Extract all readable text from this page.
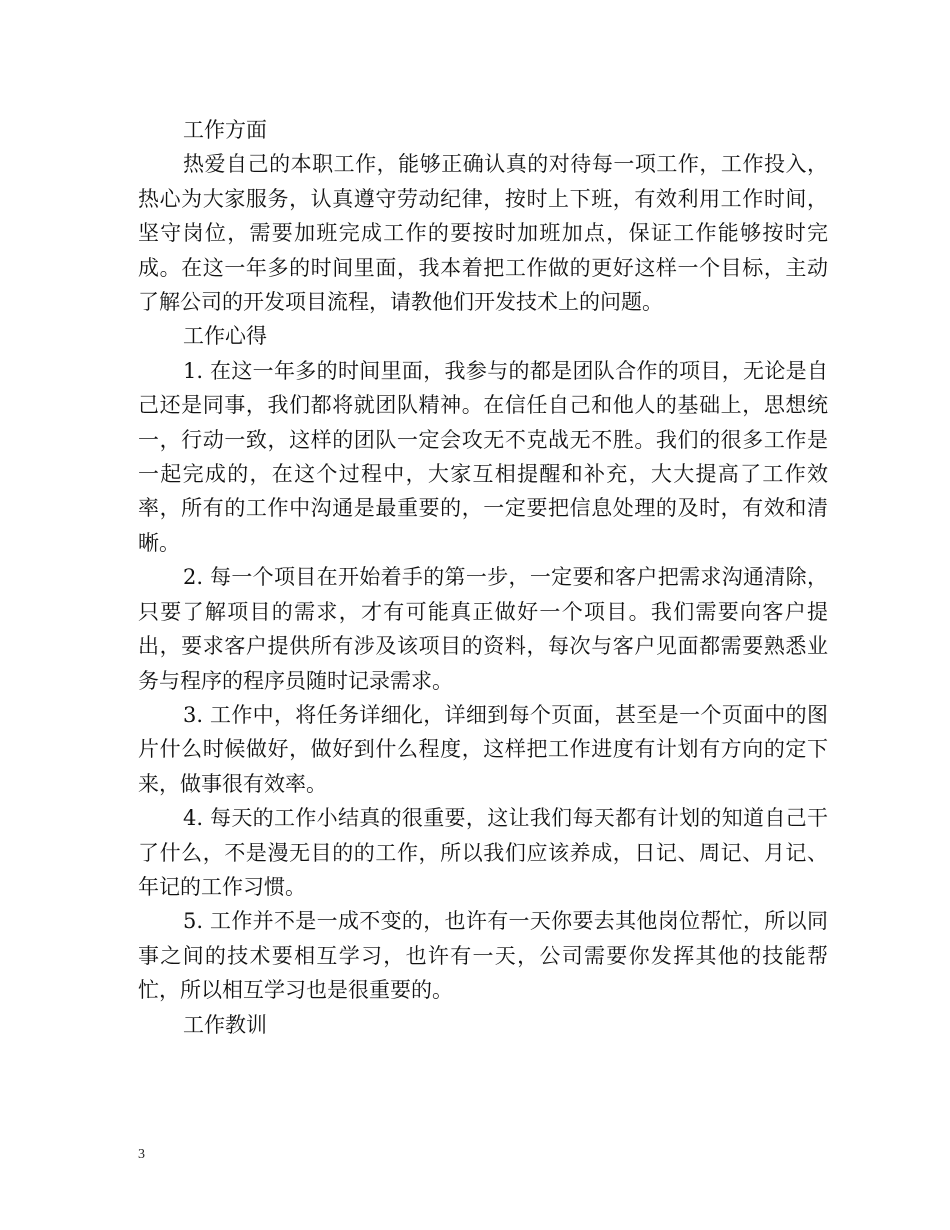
工作方面

热爱自己的本职工作，能够正确认真的对待每一项工作，工作投入，热心为大家服务，认真遵守劳动纪律，按时上下班，有效利用工作时间，坚守岗位，需要加班完成工作的要按时加班加点，保证工作能够按时完成。在这一年多的时间里面，我本着把工作做的更好这样一个目标，主动了解公司的开发项目流程，请教他们开发技术上的问题。

工作心得

1. 在这一年多的时间里面，我参与的都是团队合作的项目，无论是自己还是同事，我们都将就团队精神。在信任自己和他人的基础上，思想统一，行动一致，这样的团队一定会攻无不克战无不胜。我们的很多工作是一起完成的，在这个过程中，大家互相提醒和补充，大大提高了工作效率，所有的工作中沟通是最重要的，一定要把信息处理的及时，有效和清晰。

2. 每一个项目在开始着手的第一步，一定要和客户把需求沟通清除，只要了解项目的需求，才有可能真正做好一个项目。我们需要向客户提出，要求客户提供所有涉及该项目的资料，每次与客户见面都需要熟悉业务与程序的程序员随时记录需求。

3. 工作中，将任务详细化，详细到每个页面，甚至是一个页面中的图片什么时候做好，做好到什么程度，这样把工作进度有计划有方向的定下来，做事很有效率。

4. 每天的工作小结真的很重要，这让我们每天都有计划的知道自己干了什么，不是漫无目的的工作，所以我们应该养成，日记、周记、月记、年记的工作习惯。

5. 工作并不是一成不变的，也许有一天你要去其他岗位帮忙，所以同事之间的技术要相互学习，也许有一天，公司需要你发挥其他的技能帮忙，所以相互学习也是很重要的。

工作教训

3
